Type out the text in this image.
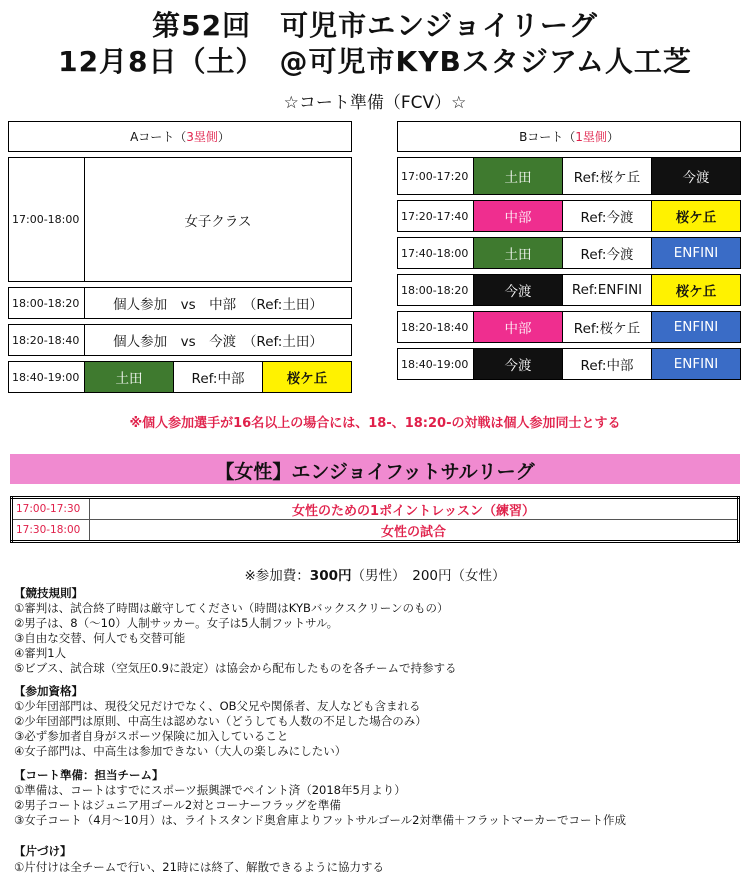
第52回　可児市エンジョイリーグ
12月8日（土）　@可児市KYBスタジアム人工芝
☆コート準備（FCV）☆
Aコート（3塁側）			

17:00-18:00	女子クラス		

18:00-18:20	個人参加　vs　中部　（Ref:土田）		

18:20-18:40	個人参加　vs　今渡　（Ref:土田）		

18:40-19:00	土田	Ref:中部	桜ケ丘
Bコート（1塁側）			

17:00-17:20	土田	Ref:桜ケ丘	今渡

17:20-17:40	中部	Ref:今渡	桜ケ丘

17:40-18:00	土田	Ref:今渡	ENFINI

18:00-18:20	今渡	Ref:ENFINI	桜ケ丘

18:20-18:40	中部	Ref:桜ケ丘	ENFINI

18:40-19:00	今渡	Ref:中部	ENFINI
※個人参加選手が16名以上の場合には、18-、18:20-の対戦は個人参加同士とする
【女性】エンジョイフットサルリーグ
17:00-17:30	女性のための1ポイントレッスン（練習）
17:30-18:00	女性の試合
※参加費：300円（男性）　200円（女性）
【競技規則】
①審判は、試合終了時間は厳守してください（時間はKYBバックスクリーンのもの）
②男子は、8（～10）人制サッカー。女子は5人制フットサル。
③自由な交替、何人でも交替可能
④審判1人
⑤ビブス、試合球（空気圧0.9に設定）は協会から配布したものを各チームで持参する
【参加資格】
①少年団部門は、現役父兄だけでなく、OB父兄や関係者、友人なども含まれる
②少年団部門は原則、中高生は認めない（どうしても人数の不足した場合のみ）
③必ず参加者自身がスポーツ保険に加入していること
④女子部門は、中高生は参加できない（大人の楽しみにしたい）
【コート準備：担当チーム】
①準備は、コートはすでにスポーツ振興課でペイント済（2018年5月より）
②男子コートはジュニア用ゴール2対とコーナーフラッグを準備
③女子コート（4月～10月）は、ライトスタンド奥倉庫よりフットサルゴール2対準備＋フラットマーカーでコート作成
【片づけ】
①片付けは全チームで行い、21時には終了、解散できるように協力する
